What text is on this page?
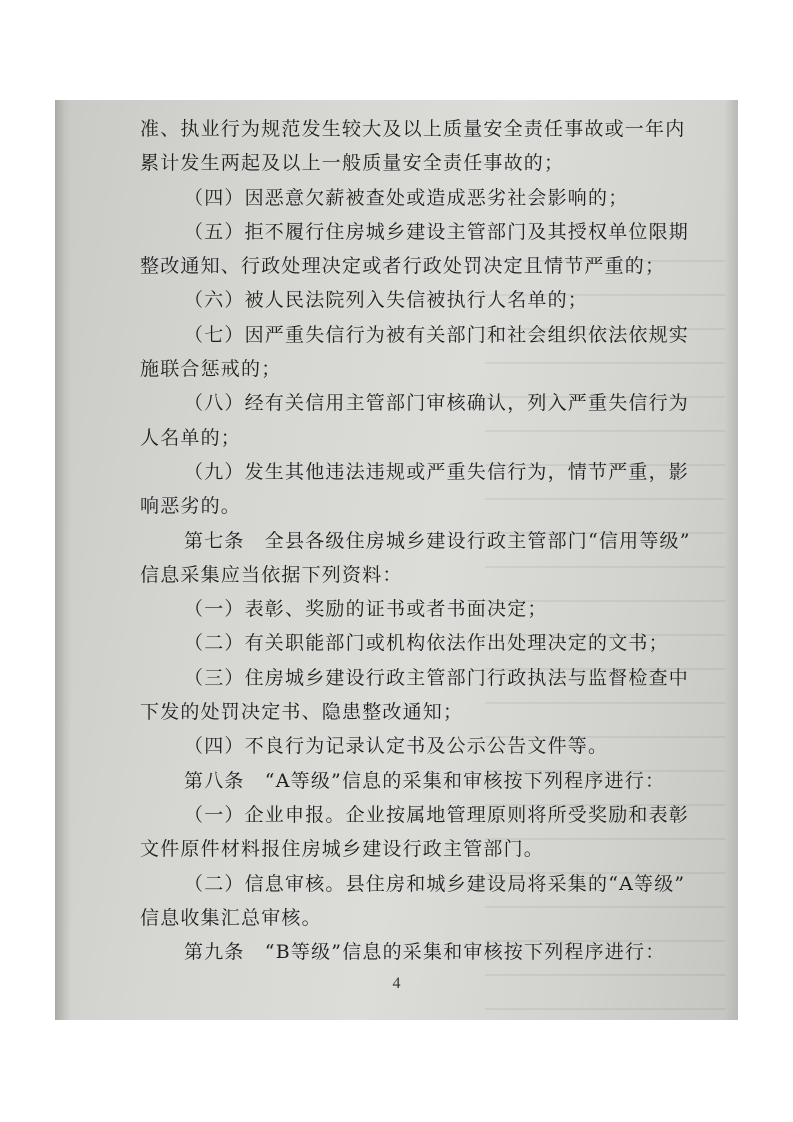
准、执业行为规范发生较大及以上质量安全责任事故或一年内
累计发生两起及以上一般质量安全责任事故的；
（四）因恶意欠薪被查处或造成恶劣社会影响的；
（五）拒不履行住房城乡建设主管部门及其授权单位限期
整改通知、行政处理决定或者行政处罚决定且情节严重的；
（六）被人民法院列入失信被执行人名单的；
（七）因严重失信行为被有关部门和社会组织依法依规实
施联合惩戒的；
（八）经有关信用主管部门审核确认，列入严重失信行为
人名单的；
（九）发生其他违法违规或严重失信行为，情节严重，影
响恶劣的。
第七条　全县各级住房城乡建设行政主管部门“信用等级”
信息采集应当依据下列资料：
（一）表彰、奖励的证书或者书面决定；
（二）有关职能部门或机构依法作出处理决定的文书；
（三）住房城乡建设行政主管部门行政执法与监督检查中
下发的处罚决定书、隐患整改通知；
（四）不良行为记录认定书及公示公告文件等。
第八条　“A等级”信息的采集和审核按下列程序进行：
（一）企业申报。企业按属地管理原则将所受奖励和表彰
文件原件材料报住房城乡建设行政主管部门。
（二）信息审核。县住房和城乡建设局将采集的“A等级”
信息收集汇总审核。
第九条　“B等级”信息的采集和审核按下列程序进行：
4
